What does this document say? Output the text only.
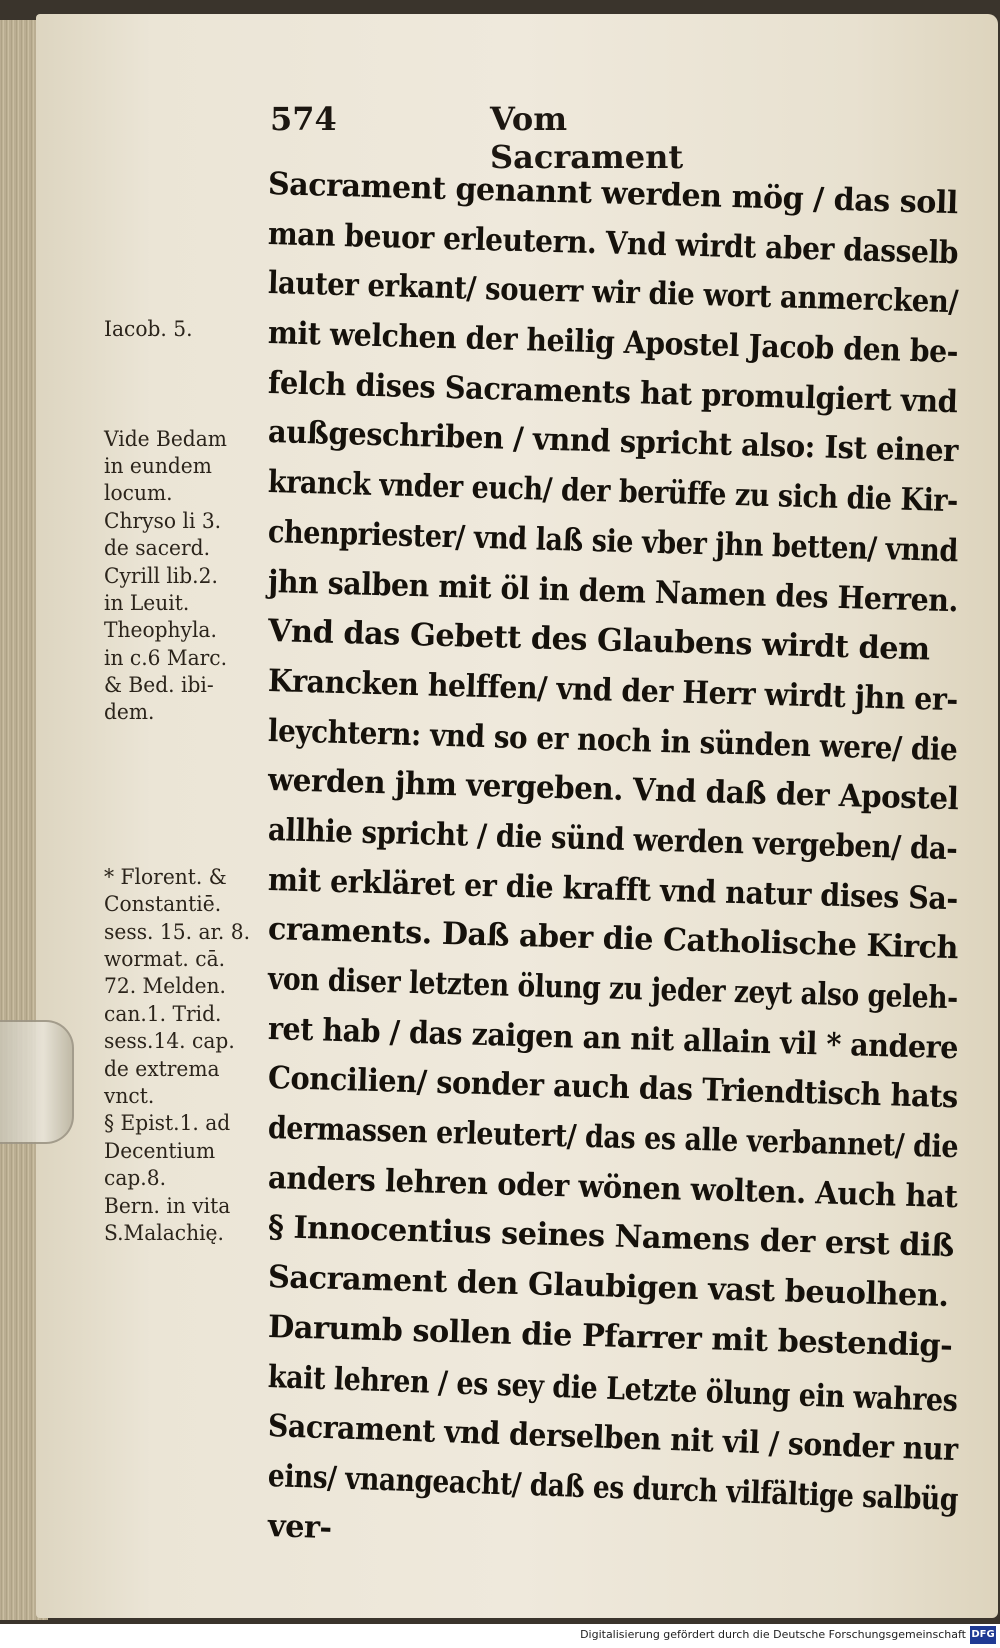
574	Vom Sacrament
Iacob. 5.
Vide Bedam
in eundem
locum.
Chryso li 3.
de sacerd.
Cyrill lib.2.
in Leuit.
Theophyla.
in c.6 Marc.
& Bed. ibi-
dem.
* Florent. &
Constantiē.
sess. 15. ar. 8.
wormat. cā.
72. Melden.
can.1. Trid.
sess.14. cap.
de extrema
vnct.
§ Epist.1. ad
Decentium
cap.8.
Bern. in vita
S.Malachię.
Sacrament genannt werden mög / das soll
man beuor erleutern. Vnd wirdt aber dasselb
lauter erkant/ souerr wir die wort anmercken/
mit welchen der heilig Apostel Jacob den be-
felch dises Sacraments hat promulgiert vnd
außgeschriben / vnnd spricht also: Ist einer
kranck vnder euch/ der berüffe zu sich die Kir-
chenpriester/ vnd laß sie vber jhn betten/ vnnd
jhn salben mit öl in dem Namen des Herren.
Vnd das Gebett des Glaubens wirdt dem
Krancken helffen/ vnd der Herr wirdt jhn er-
leychtern: vnd so er noch in sünden were/ die
werden jhm vergeben. Vnd daß der Apostel
allhie spricht / die sünd werden vergeben/ da-
mit erkläret er die krafft vnd natur dises Sa-
craments. Daß aber die Catholische Kirch
von diser letzten ölung zu jeder zeyt also geleh-
ret hab / das zaigen an nit allain vil * andere
Concilien/ sonder auch das Triendtisch hats
dermassen erleutert/ das es alle verbannet/ die
anders lehren oder wönen wolten. Auch hat
§ Innocentius seines Namens der erst diß
Sacrament den Glaubigen vast beuolhen.
Darumb sollen die Pfarrer mit bestendig-
kait lehren / es sey die Letzte ölung ein wahres
Sacrament vnd derselben nit vil / sonder nur
eins/ vnangeacht/ daß es durch vilfältige salbüg
ver-
Digitalisierung gefördert durch die Deutsche Forschungsgemeinschaft DFG
